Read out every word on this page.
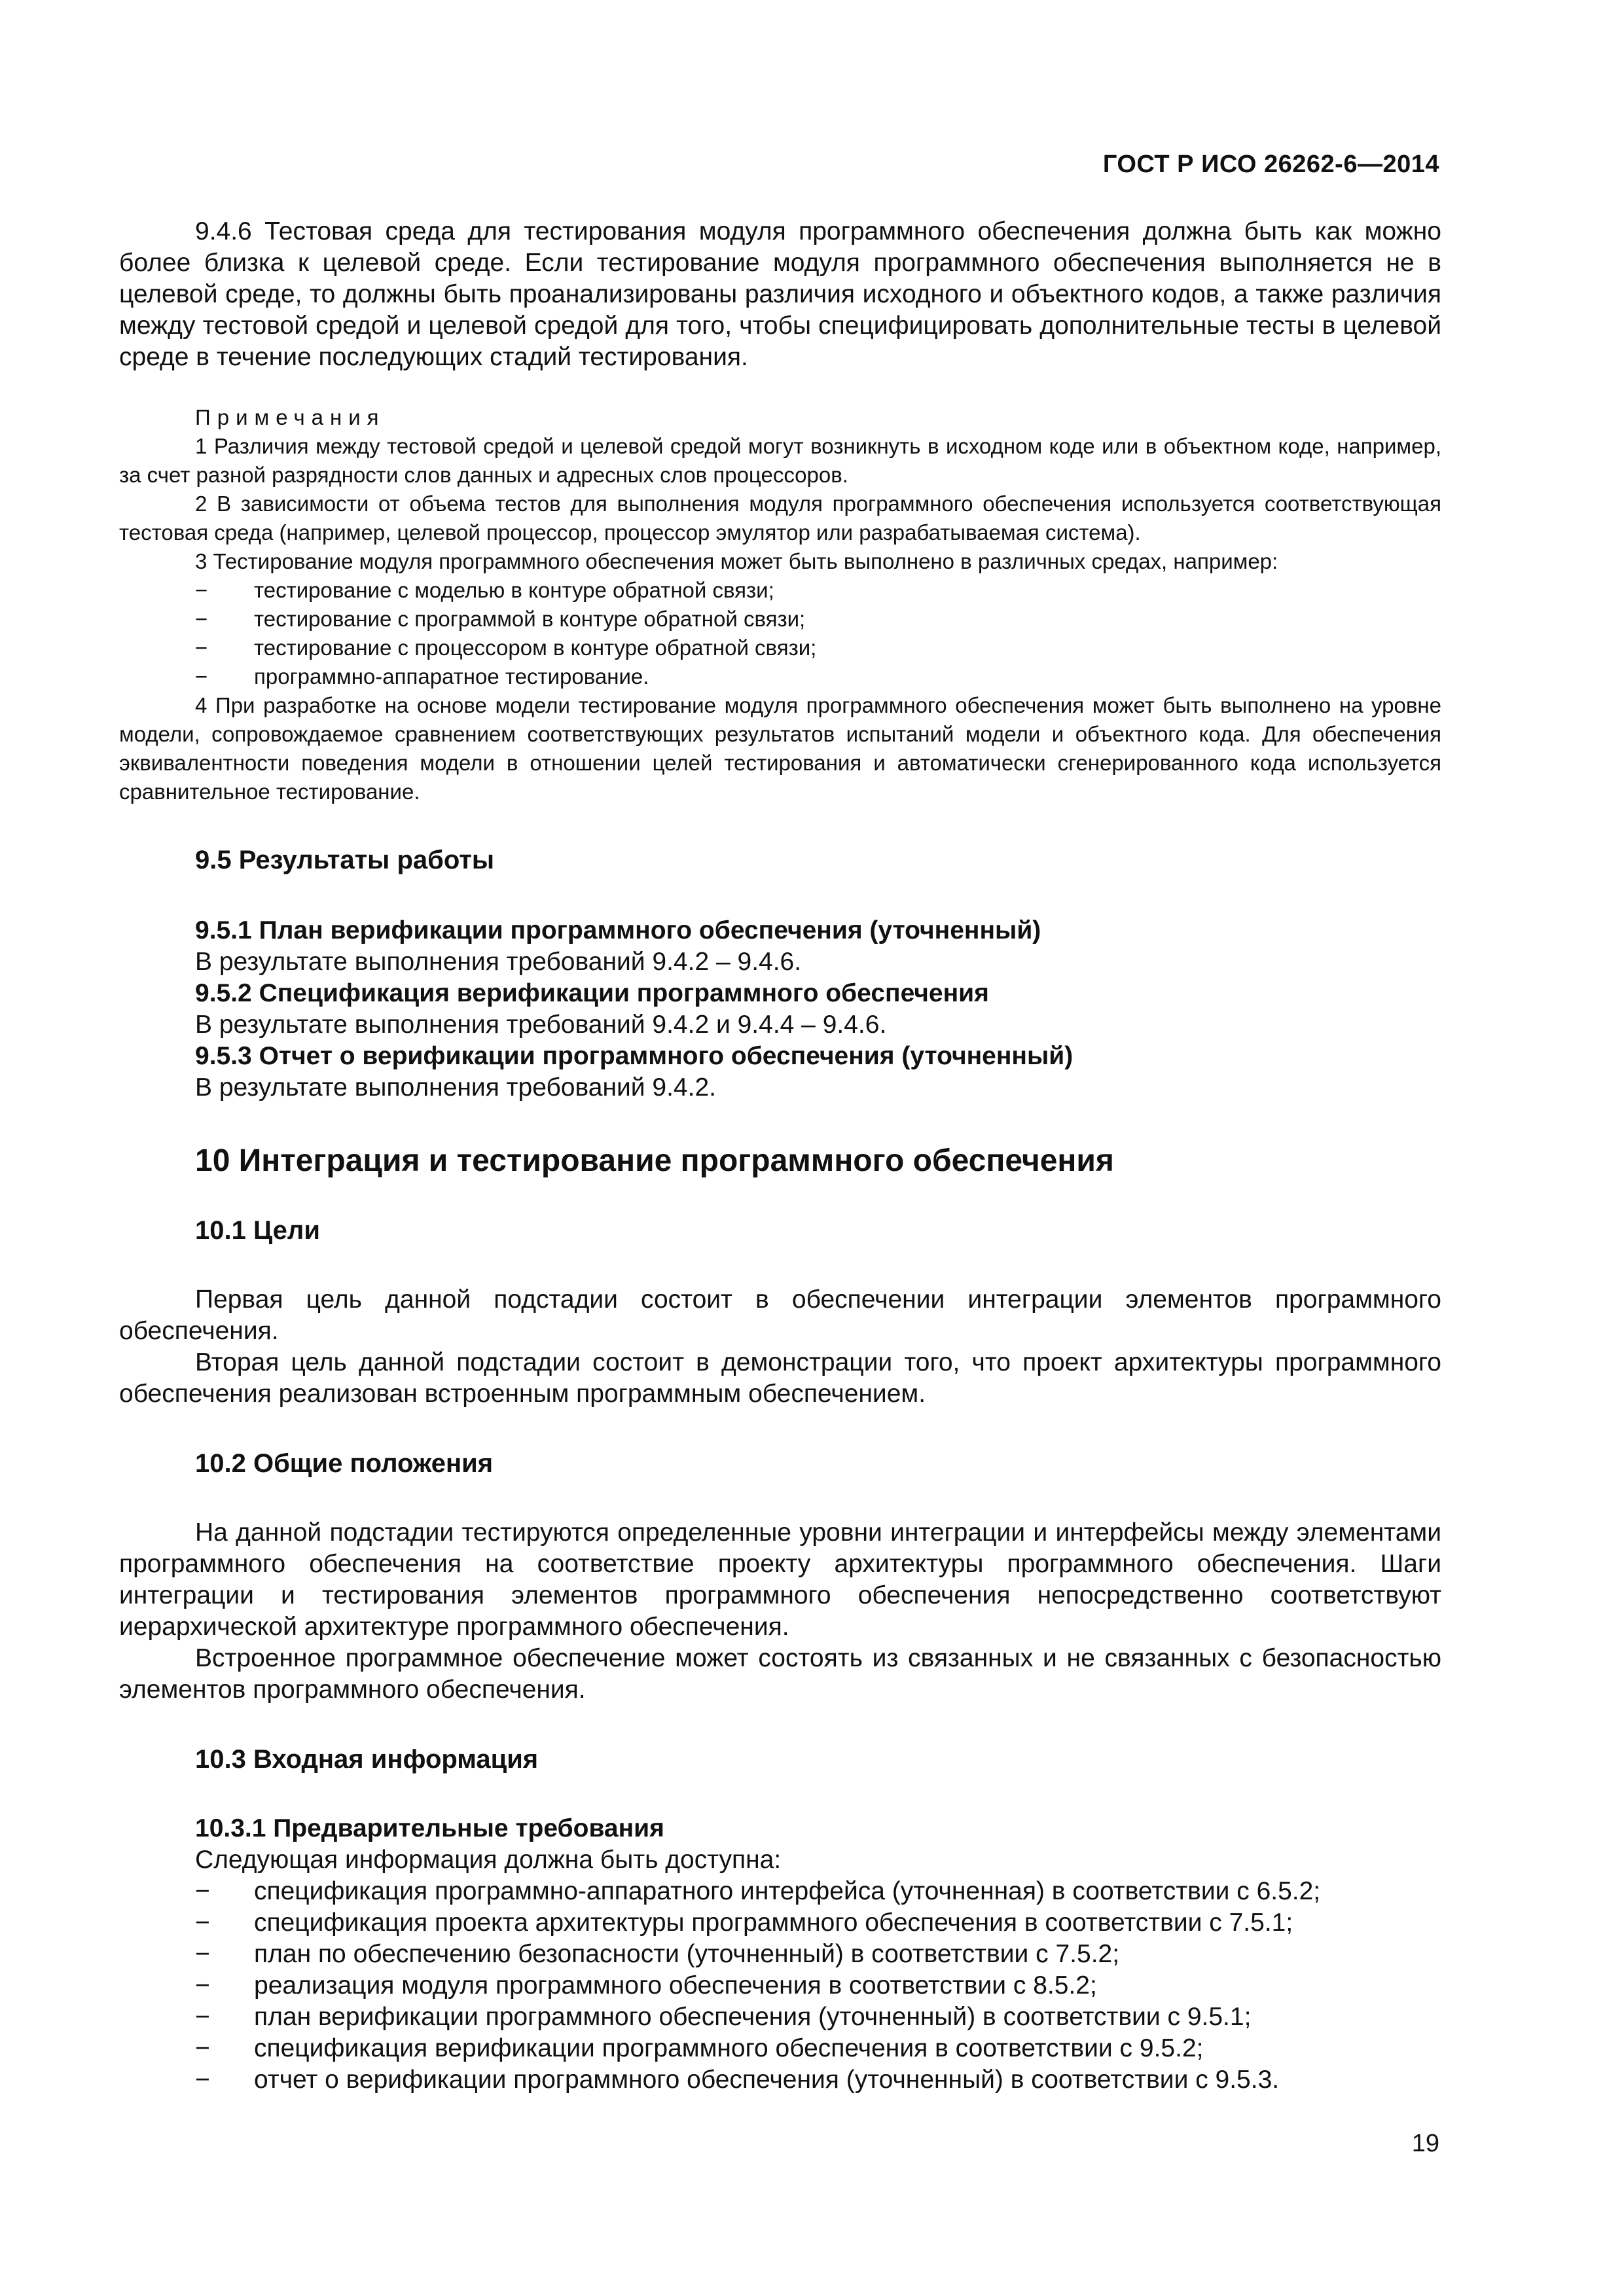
ГОСТ Р ИСО 26262-6—2014

9.4.6 Тестовая среда для тестирования модуля программного обеспечения должна быть как можно более близка к целевой среде. Если тестирование модуля программного обеспечения выполняется не в целевой среде, то должны быть проанализированы различия исходного и объектного кодов, а также различия между тестовой средой и целевой средой для того, чтобы специфицировать дополнительные тесты в целевой среде в течение последующих стадий тестирования.

Примечания

1 Различия между тестовой средой и целевой средой могут возникнуть в исходном коде или в объектном коде, например, за счет разной разрядности слов данных и адресных слов процессоров.

2 В зависимости от объема тестов для выполнения модуля программного обеспечения используется соответствующая тестовая среда (например, целевой процессор, процессор эмулятор или разрабатываемая система).

3 Тестирование модуля программного обеспечения может быть выполнено в различных средах, например:

− тестирование с моделью в контуре обратной связи;
− тестирование с программой в контуре обратной связи;
− тестирование с процессором в контуре обратной связи;
− программно-аппаратное тестирование.

4 При разработке на основе модели тестирование модуля программного обеспечения может быть выполнено на уровне модели, сопровождаемое сравнением соответствующих результатов испытаний модели и объектного кода. Для обеспечения эквивалентности поведения модели в отношении целей тестирования и автоматически сгенерированного кода используется сравнительное тестирование.

9.5 Результаты работы

9.5.1 План верификации программного обеспечения (уточненный)

В результате выполнения требований 9.4.2 – 9.4.6.

9.5.2 Спецификация верификации программного обеспечения

В результате выполнения требований 9.4.2 и 9.4.4 – 9.4.6.

9.5.3 Отчет о верификации программного обеспечения (уточненный)

В результате выполнения требований 9.4.2.

10 Интеграция и тестирование программного обеспечения

10.1 Цели

Первая цель данной подстадии состоит в обеспечении интеграции элементов программного обеспечения.

Вторая цель данной подстадии состоит в демонстрации того, что проект архитектуры программного обеспечения реализован встроенным программным обеспечением.

10.2 Общие положения

На данной подстадии тестируются определенные уровни интеграции и интерфейсы между элементами программного обеспечения на соответствие проекту архитектуры программного обеспечения. Шаги интеграции и тестирования элементов программного обеспечения непосредственно соответствуют иерархической архитектуре программного обеспечения.

Встроенное программное обеспечение может состоять из связанных и не связанных с безопасностью элементов программного обеспечения.

10.3 Входная информация

10.3.1 Предварительные требования

Следующая информация должна быть доступна:

− спецификация программно-аппаратного интерфейса (уточненная) в соответствии с 6.5.2;
− спецификация проекта архитектуры программного обеспечения в соответствии с 7.5.1;
− план по обеспечению безопасности (уточненный) в соответствии с 7.5.2;
− реализация модуля программного обеспечения в соответствии с 8.5.2;
− план верификации программного обеспечения (уточненный) в соответствии с 9.5.1;
− спецификация верификации программного обеспечения в соответствии с 9.5.2;
− отчет о верификации программного обеспечения (уточненный) в соответствии с 9.5.3.
19
